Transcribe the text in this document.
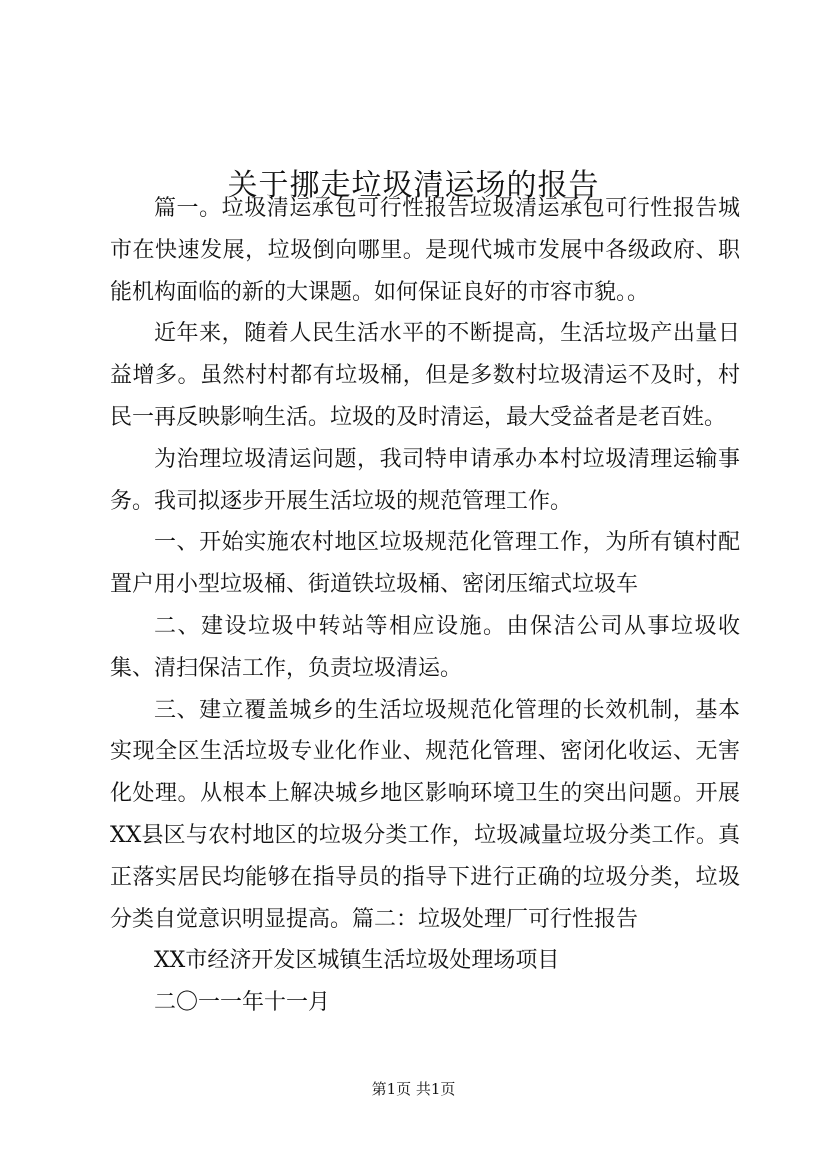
关于挪走垃圾清运场的报告

篇一。垃圾清运承包可行性报告垃圾清运承包可行性报告城市在快速发展，垃圾倒向哪里。是现代城市发展中各级政府、职能机构面临的新的大课题。如何保证良好的市容市貌。。

近年来，随着人民生活水平的不断提高，生活垃圾产出量日益增多。虽然村村都有垃圾桶，但是多数村垃圾清运不及时，村民一再反映影响生活。垃圾的及时清运，最大受益者是老百姓。

为治理垃圾清运问题，我司特申请承办本村垃圾清理运输事务。我司拟逐步开展生活垃圾的规范管理工作。

一、开始实施农村地区垃圾规范化管理工作，为所有镇村配置户用小型垃圾桶、街道铁垃圾桶、密闭压缩式垃圾车

二、建设垃圾中转站等相应设施。由保洁公司从事垃圾收集、清扫保洁工作，负责垃圾清运。

三、建立覆盖城乡的生活垃圾规范化管理的长效机制，基本实现全区生活垃圾专业化作业、规范化管理、密闭化收运、无害化处理。从根本上解决城乡地区影响环境卫生的突出问题。开展XX县区与农村地区的垃圾分类工作，垃圾减量垃圾分类工作。真正落实居民均能够在指导员的指导下进行正确的垃圾分类，垃圾分类自觉意识明显提高。篇二：垃圾处理厂可行性报告

XX市经济开发区城镇生活垃圾处理场项目

二〇一一年十一月

第1页 共1页
